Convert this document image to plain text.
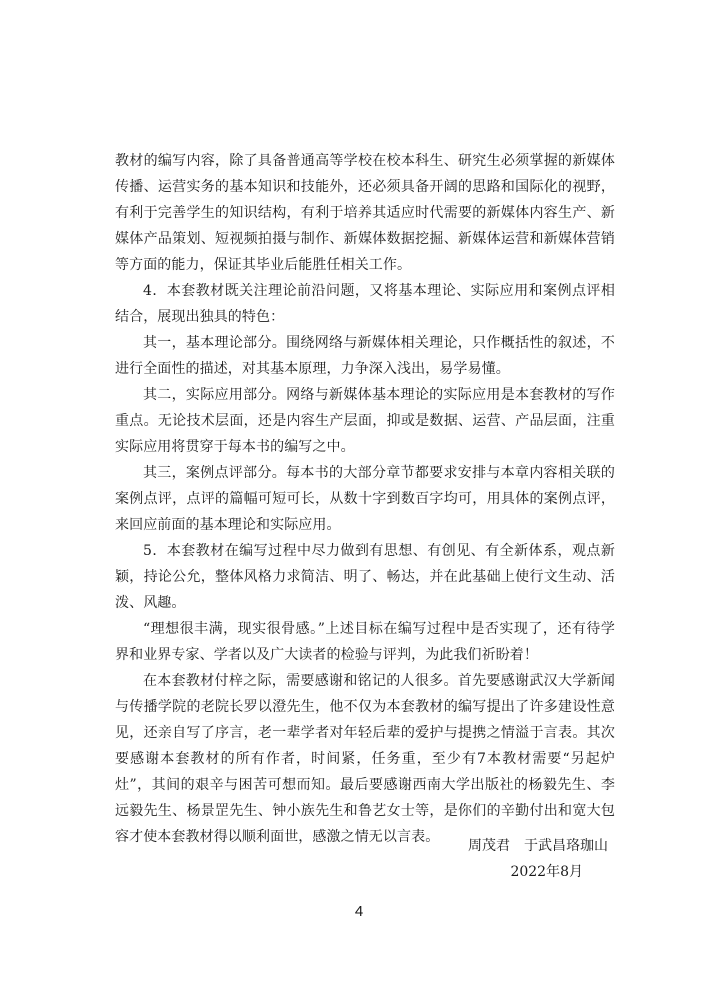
教材的编写内容，除了具备普通高等学校在校本科生、研究生必须掌握的新媒体传播、运营实务的基本知识和技能外，还必须具备开阔的思路和国际化的视野，有利于完善学生的知识结构，有利于培养其适应时代需要的新媒体内容生产、新媒体产品策划、短视频拍摄与制作、新媒体数据挖掘、新媒体运营和新媒体营销等方面的能力，保证其毕业后能胜任相关工作。

4．本套教材既关注理论前沿问题，又将基本理论、实际应用和案例点评相结合，展现出独具的特色：

其一，基本理论部分。围绕网络与新媒体相关理论，只作概括性的叙述，不进行全面性的描述，对其基本原理，力争深入浅出，易学易懂。

其二，实际应用部分。网络与新媒体基本理论的实际应用是本套教材的写作重点。无论技术层面，还是内容生产层面，抑或是数据、运营、产品层面，注重实际应用将贯穿于每本书的编写之中。

其三，案例点评部分。每本书的大部分章节都要求安排与本章内容相关联的案例点评，点评的篇幅可短可长，从数十字到数百字均可，用具体的案例点评，来回应前面的基本理论和实际应用。

5．本套教材在编写过程中尽力做到有思想、有创见、有全新体系，观点新颖，持论公允，整体风格力求简洁、明了、畅达，并在此基础上使行文生动、活泼、风趣。

“理想很丰满，现实很骨感。”上述目标在编写过程中是否实现了，还有待学界和业界专家、学者以及广大读者的检验与评判，为此我们祈盼着！

在本套教材付梓之际，需要感谢和铭记的人很多。首先要感谢武汉大学新闻与传播学院的老院长罗以澄先生，他不仅为本套教材的编写提出了许多建设性意见，还亲自写了序言，老一辈学者对年轻后辈的爱护与提携之情溢于言表。其次要感谢本套教材的所有作者，时间紧，任务重，至少有7本教材需要“另起炉灶”，其间的艰辛与困苦可想而知。最后要感谢西南大学出版社的杨毅先生、李远毅先生、杨景罡先生、钟小族先生和鲁艺女士等，是你们的辛勤付出和宽大包容才使本套教材得以顺利面世，感激之情无以言表。

周茂君　于武昌珞珈山
2022年8月
4
